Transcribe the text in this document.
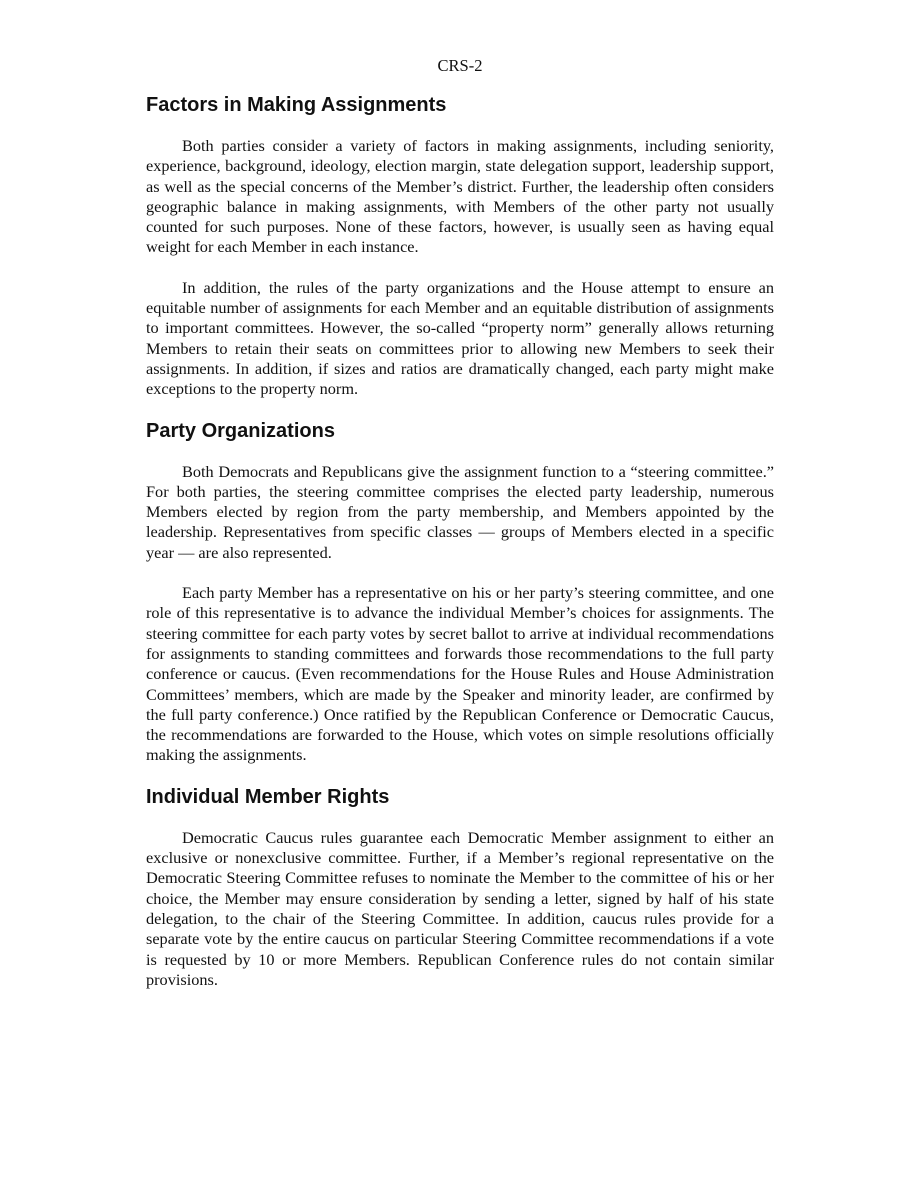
CRS-2
Factors in Making Assignments

Both parties consider a variety of factors in making assignments, including seniority, experience, background, ideology, election margin, state delegation support, leadership support, as well as the special concerns of the Member’s district. Further, the leadership often considers geographic balance in making assignments, with Members of the other party not usually counted for such purposes. None of these factors, however, is usually seen as having equal weight for each Member in each instance.

In addition, the rules of the party organizations and the House attempt to ensure an equitable number of assignments for each Member and an equitable distribution of assignments to important committees. However, the so-called “property norm” generally allows returning Members to retain their seats on committees prior to allowing new Members to seek their assignments. In addition, if sizes and ratios are dramatically changed, each party might make exceptions to the property norm.

Party Organizations

Both Democrats and Republicans give the assignment function to a “steering committee.” For both parties, the steering committee comprises the elected party leadership, numerous Members elected by region from the party membership, and Members appointed by the leadership. Representatives from specific classes — groups of Members elected in a specific year — are also represented.

Each party Member has a representative on his or her party’s steering committee, and one role of this representative is to advance the individual Member’s choices for assignments. The steering committee for each party votes by secret ballot to arrive at individual recommendations for assignments to standing committees and forwards those recommendations to the full party conference or caucus. (Even recommendations for the House Rules and House Administration Committees’ members, which are made by the Speaker and minority leader, are confirmed by the full party conference.) Once ratified by the Republican Conference or Democratic Caucus, the recommendations are forwarded to the House, which votes on simple resolutions officially making the assignments.

Individual Member Rights

Democratic Caucus rules guarantee each Democratic Member assignment to either an exclusive or nonexclusive committee. Further, if a Member’s regional representative on the Democratic Steering Committee refuses to nominate the Member to the committee of his or her choice, the Member may ensure consideration by sending a letter, signed by half of his state delegation, to the chair of the Steering Committee. In addition, caucus rules provide for a separate vote by the entire caucus on particular Steering Committee recommendations if a vote is requested by 10 or more Members. Republican Conference rules do not contain similar provisions.
